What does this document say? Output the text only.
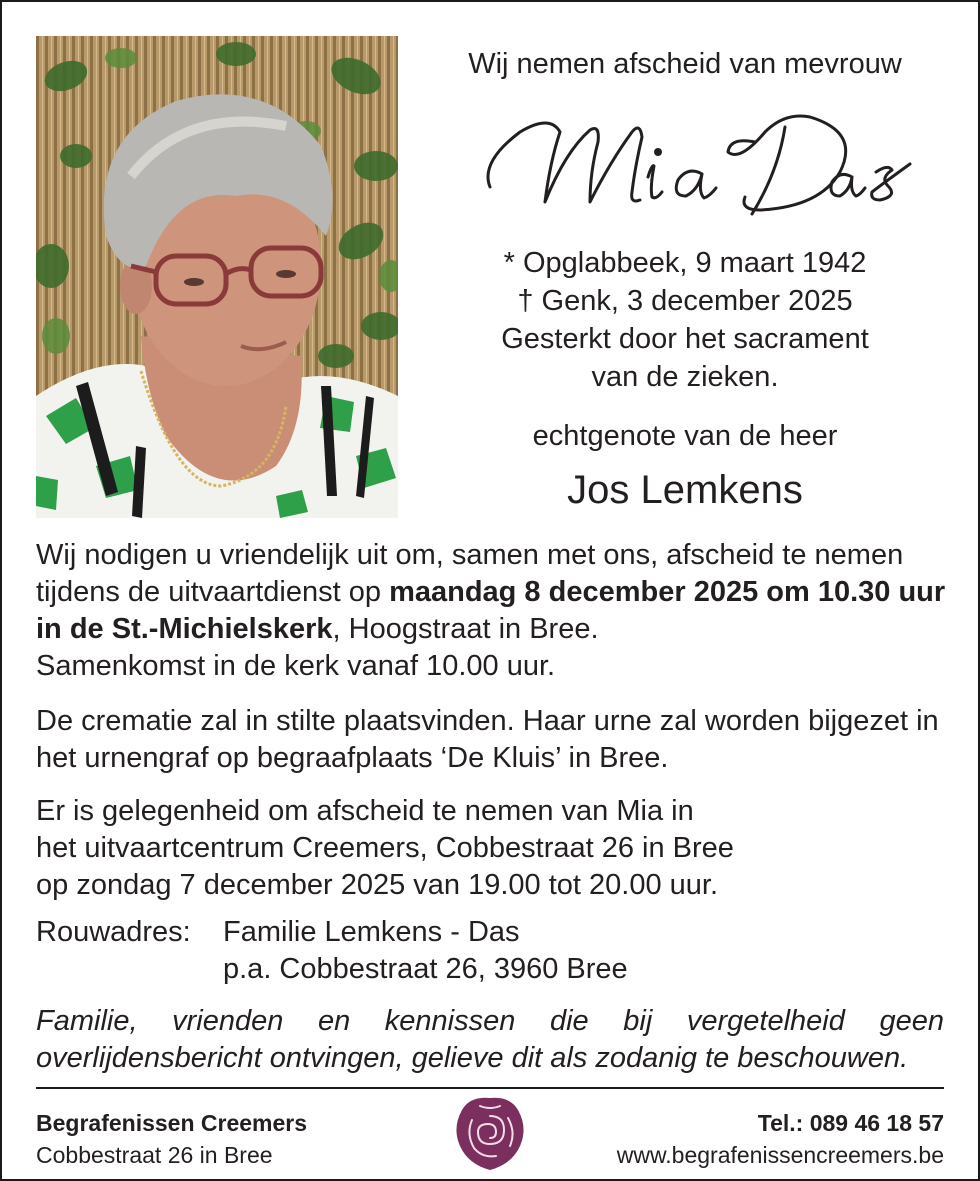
Wij nemen afscheid van mevrouw
* Opglabbeek, 9 maart 1942
† Genk, 3 december 2025
Gesterkt door het sacrament
van de zieken.
echtgenote van de heer
Jos Lemkens
Wij nodigen u vriendelijk uit om, samen met ons, afscheid te nemen tijdens de uitvaartdienst op maandag 8 december 2025 om 10.30 uur in de St.-Michielskerk, Hoogstraat in Bree.
Samenkomst in de kerk vanaf 10.00 uur.
De crematie zal in stilte plaatsvinden. Haar urne zal worden bijgezet in het urnengraf op begraafplaats ‘De Kluis’ in Bree.
Er is gelegenheid om afscheid te nemen van Mia in
het uitvaartcentrum Creemers, Cobbestraat 26 in Bree
op zondag 7 december 2025 van 19.00 tot 20.00 uur.
Rouwadres: Familie Lemkens - Das
p.a. Cobbestraat 26, 3960 Bree
Familie, vrienden en kennissen die bij vergetelheid geen overlijdensbericht ontvingen, gelieve dit als zodanig te beschouwen.
Begrafenissen Creemers
Cobbestraat 26 in Bree
Tel.: 089 46 18 57
www.begrafenissencreemers.be
